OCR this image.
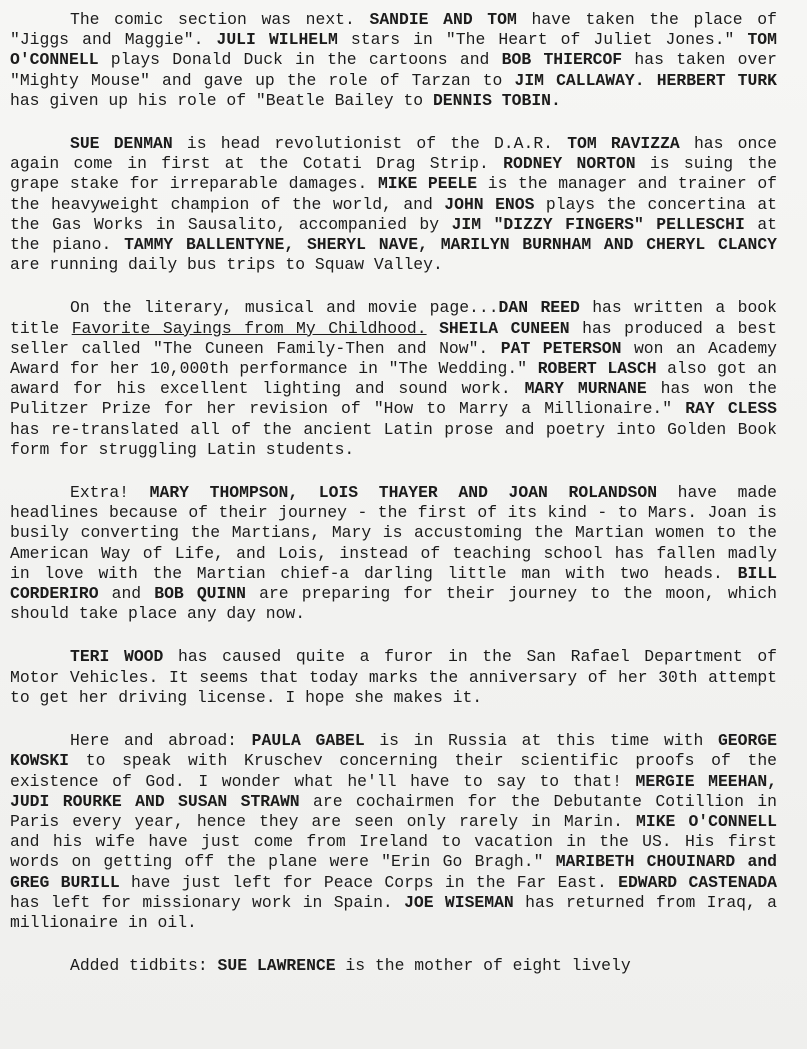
The comic section was next. SANDIE AND TOM have taken the place of "Jiggs and Maggie". JULI WILHELM stars in "The Heart of Juliet Jones." TOM O'CONNELL plays Donald Duck in the cartoons and BOB THIERCOF has taken over "Mighty Mouse" and gave up the role of Tarzan to JIM CALLAWAY. HERBERT TURK has given up his role of "Beatle Bailey to DENNIS TOBIN.

SUE DENMAN is head revolutionist of the D.A.R. TOM RAVIZZA has once again come in first at the Cotati Drag Strip. RODNEY NORTON is suing the grape stake for irreparable damages. MIKE PEELE is the manager and trainer of the heavyweight champion of the world, and JOHN ENOS plays the concertina at the Gas Works in Sausalito, accompanied by JIM "DIZZY FINGERS" PELLESCHI at the piano. TAMMY BALLENTYNE, SHERYL NAVE, MARILYN BURNHAM AND CHERYL CLANCY are running daily bus trips to Squaw Valley.

On the literary, musical and movie page...DAN REED has written a book title Favorite Sayings from My Childhood. SHEILA CUNEEN has produced a best seller called "The Cuneen Family-Then and Now". PAT PETERSON won an Academy Award for her 10,000th performance in "The Wedding." ROBERT LASCH also got an award for his excellent lighting and sound work. MARY MURNANE has won the Pulitzer Prize for her revision of "How to Marry a Millionaire." RAY CLESS has re-translated all of the ancient Latin prose and poetry into Golden Book form for struggling Latin students.

Extra! MARY THOMPSON, LOIS THAYER AND JOAN ROLANDSON have made headlines because of their journey - the first of its kind - to Mars. Joan is busily converting the Martians, Mary is accustoming the Martian women to the American Way of Life, and Lois, instead of teaching school has fallen madly in love with the Martian chief-a darling little man with two heads. BILL CORDERIRO and BOB QUINN are preparing for their journey to the moon, which should take place any day now.

TERI WOOD has caused quite a furor in the San Rafael Department of Motor Vehicles. It seems that today marks the anniversary of her 30th attempt to get her driving license. I hope she makes it.

Here and abroad: PAULA GABEL is in Russia at this time with GEORGE KOWSKI to speak with Kruschev concerning their scientific proofs of the existence of God. I wonder what he'll have to say to that! MERGIE MEEHAN, JUDI ROURKE AND SUSAN STRAWN are cochairmen for the Debutante Cotillion in Paris every year, hence they are seen only rarely in Marin. MIKE O'CONNELL and his wife have just come from Ireland to vacation in the US. His first words on getting off the plane were "Erin Go Bragh." MARIBETH CHOUINARD and GREG BURILL have just left for Peace Corps in the Far East. EDWARD CASTENADA has left for missionary work in Spain. JOE WISEMAN has returned from Iraq, a millionaire in oil.

Added tidbits: SUE LAWRENCE is the mother of eight lively
